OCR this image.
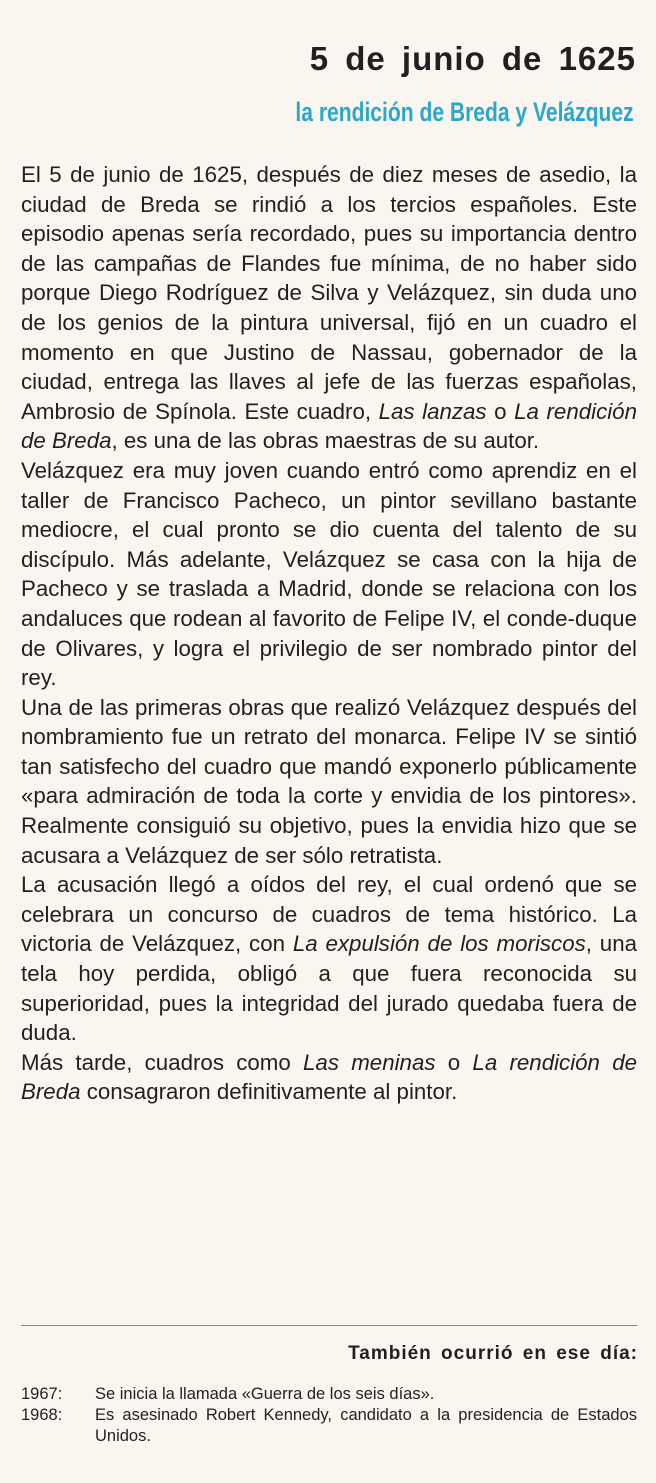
5 de junio de 1625
la rendición de Breda y Velázquez

El 5 de junio de 1625, después de diez meses de asedio, la ciudad de Breda se rindió a los tercios españoles. Este episodio apenas sería recordado, pues su importancia dentro de las campañas de Flandes fue mínima, de no haber sido porque Diego Rodríguez de Silva y Velázquez, sin duda uno de los genios de la pintura universal, fijó en un cuadro el momento en que Justino de Nassau, gobernador de la ciudad, entrega las llaves al jefe de las fuerzas españolas, Ambrosio de Spínola. Este cuadro, Las lanzas o La rendición de Breda, es una de las obras maestras de su autor.

Velázquez era muy joven cuando entró como aprendiz en el taller de Francisco Pacheco, un pintor sevillano bastante mediocre, el cual pronto se dio cuenta del talento de su discípulo. Más adelante, Velázquez se casa con la hija de Pacheco y se traslada a Madrid, donde se relaciona con los andaluces que rodean al favorito de Felipe IV, el conde-duque de Olivares, y logra el privilegio de ser nombrado pintor del rey.

Una de las primeras obras que realizó Velázquez después del nombramiento fue un retrato del monarca. Felipe IV se sintió tan satisfecho del cuadro que mandó exponerlo públicamente «para admiración de toda la corte y envidia de los pintores». Realmente consiguió su objetivo, pues la envidia hizo que se acusara a Velázquez de ser sólo retratista.

La acusación llegó a oídos del rey, el cual ordenó que se celebrara un concurso de cuadros de tema histórico. La victoria de Velázquez, con La expulsión de los moriscos, una tela hoy perdida, obligó a que fuera reconocida su superioridad, pues la integridad del jurado quedaba fuera de duda.

Más tarde, cuadros como Las meninas o La rendición de Breda consagraron definitivamente al pintor.

También ocurrió en ese día:
1967:	Se inicia la llamada «Guerra de los seis días».
1968:	Es asesinado Robert Kennedy, candidato a la presidencia de Estados Unidos.
